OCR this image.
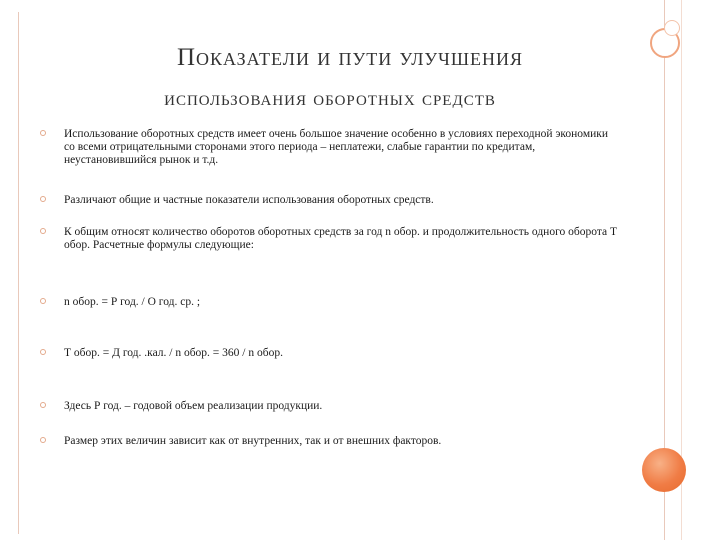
Показатели и пути улучшения
использования оборотных средств
Использование оборотных средств имеет очень большое значение особенно в условиях переходной экономики со всеми отрицательными сторонами этого периода – неплатежи, слабые гарантии по кредитам, неустановившийся рынок и т.д.
Различают общие и частные показатели использования оборотных средств.
К общим относят количество оборотов оборотных средств за год n обор. и продолжительность одного оборота Т обор. Расчетные формулы следующие:
n обор. = Р год. / О год. ср. ;
Т обор. = Д год. .кал. / n обор. = 360 / n обор.
Здесь Р год. – годовой объем реализации продукции.
Размер этих величин зависит как от внутренних, так и от внешних факторов.
